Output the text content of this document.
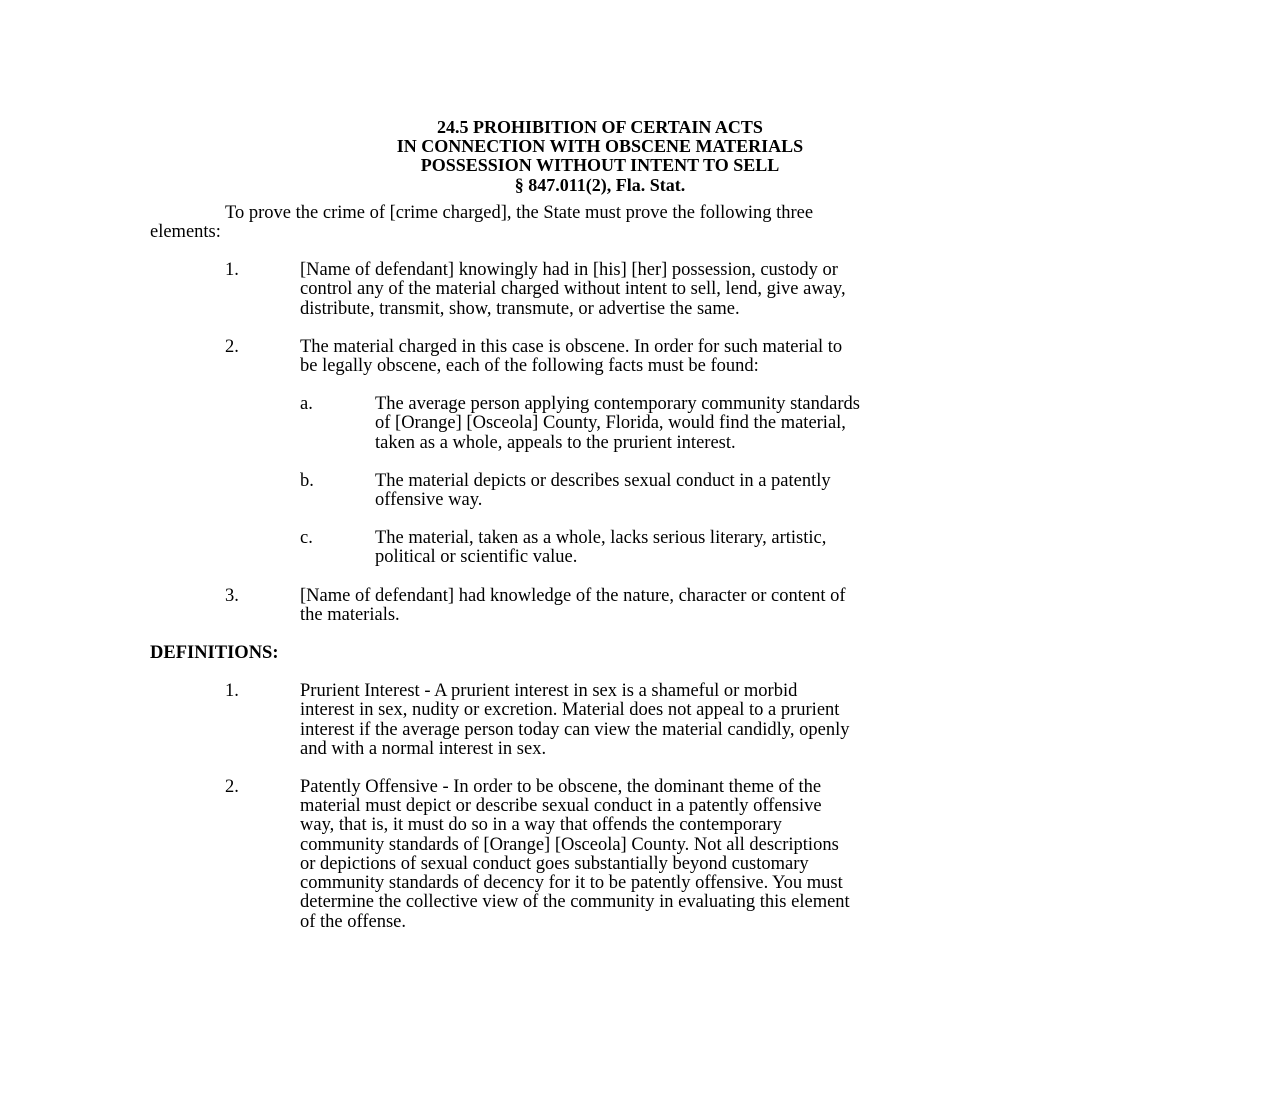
24.5 PROHIBITION OF CERTAIN ACTS
IN CONNECTION WITH OBSCENE MATERIALS
POSSESSION WITHOUT INTENT TO SELL
§ 847.011(2), Fla. Stat.
To prove the crime of [crime charged], the State must prove the following three
elements:
1.	[Name of defendant] knowingly had in [his] [her] possession, custody or
control any of the material charged without intent to sell, lend, give away,
distribute, transmit, show, transmute, or advertise the same.
2.	The material charged in this case is obscene. In order for such material to
be legally obscene, each of the following facts must be found:
a.	The average person applying contemporary community standards
of [Orange] [Osceola] County, Florida, would find the material,
taken as a whole, appeals to the prurient interest.
b.	The material depicts or describes sexual conduct in a patently
offensive way.
c.	The material, taken as a whole, lacks serious literary, artistic,
political or scientific value.
3.	[Name of defendant] had knowledge of the nature, character or content of
the materials.
DEFINITIONS:
1.	Prurient Interest - A prurient interest in sex is a shameful or morbid
interest in sex, nudity or excretion. Material does not appeal to a prurient
interest if the average person today can view the material candidly, openly
and with a normal interest in sex.
2.	Patently Offensive - In order to be obscene, the dominant theme of the
material must depict or describe sexual conduct in a patently offensive
way, that is, it must do so in a way that offends the contemporary
community standards of [Orange] [Osceola] County. Not all descriptions
or depictions of sexual conduct goes substantially beyond customary
community standards of decency for it to be patently offensive. You must
determine the collective view of the community in evaluating this element
of the offense.
